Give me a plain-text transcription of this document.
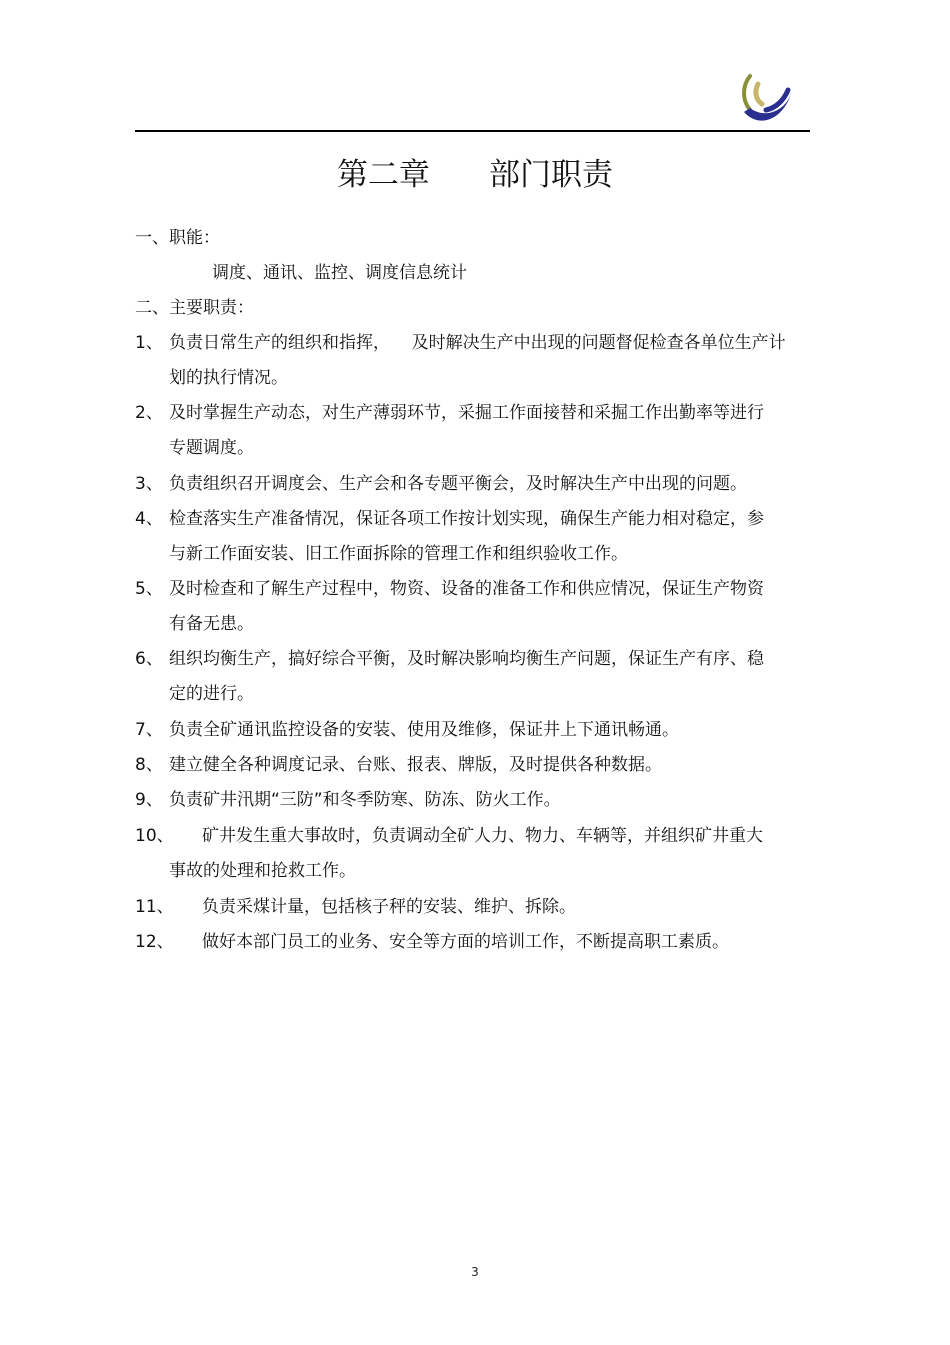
第二章      部门职责
一、职能：
调度、通讯、监控、调度信息统计
二、主要职责：
1、 负责日常生产的组织和指挥，    及时解决生产中出现的问题督促检查各单位生产计
划的执行情况。
2、 及时掌握生产动态，对生产薄弱环节，采掘工作面接替和采掘工作出勤率等进行
专题调度。
3、 负责组织召开调度会、生产会和各专题平衡会，及时解决生产中出现的问题。
4、 检查落实生产准备情况，保证各项工作按计划实现，确保生产能力相对稳定，参
与新工作面安装、旧工作面拆除的管理工作和组织验收工作。
5、 及时检查和了解生产过程中，物资、设备的准备工作和供应情况，保证生产物资
有备无患。
6、 组织均衡生产，搞好综合平衡，及时解决影响均衡生产问题，保证生产有序、稳
定的进行。
7、 负责全矿通讯监控设备的安装、使用及维修，保证井上下通讯畅通。
8、 建立健全各种调度记录、台账、报表、牌版，及时提供各种数据。
9、 负责矿井汛期“三防”和冬季防寒、防冻、防火工作。
10、 矿井发生重大事故时，负责调动全矿人力、物力、车辆等，并组织矿井重大
事故的处理和抢救工作。
11、 负责采煤计量，包括核子秤的安装、维护、拆除。
12、 做好本部门员工的业务、安全等方面的培训工作，不断提高职工素质。
3
